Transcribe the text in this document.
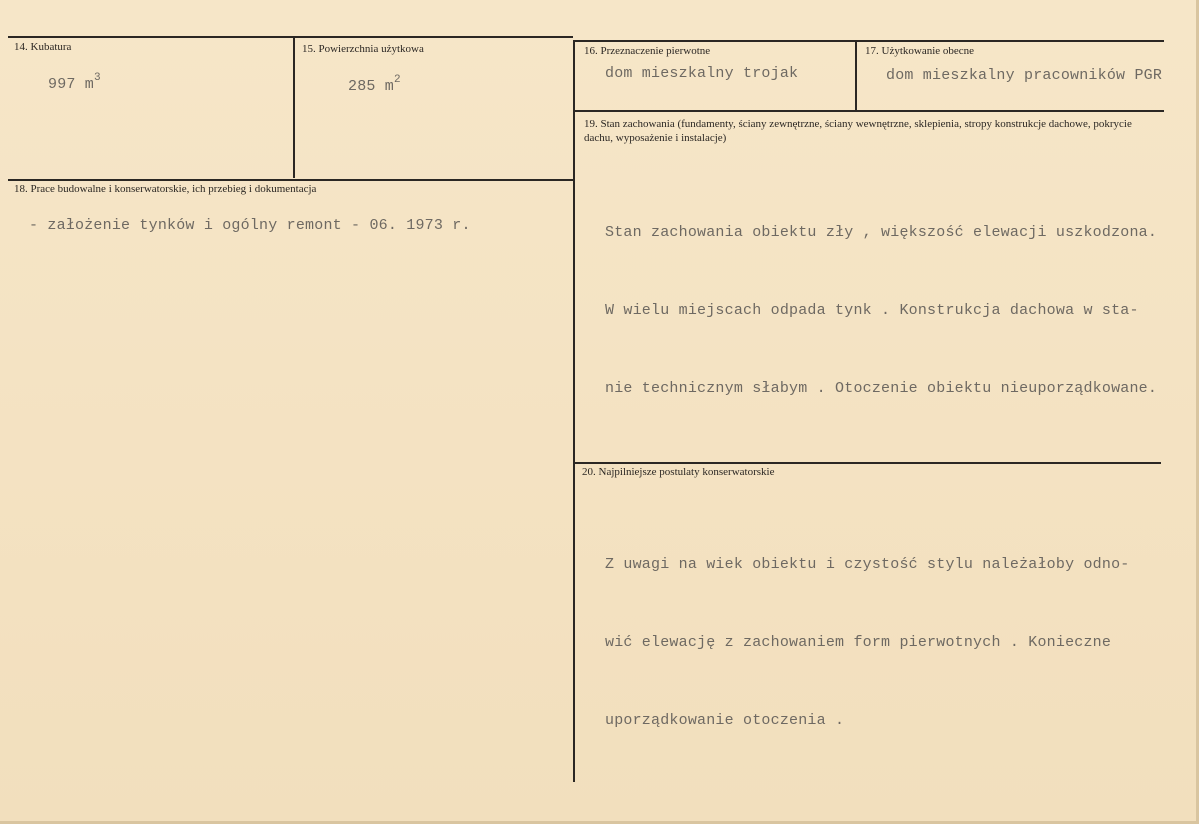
14. Kubatura
997 $m^3$
15. Powierzchnia użytkowa
285 $m^2$
16. Przeznaczenie pierwotne
dom mieszkalny trojak
17. Użytkowanie obecne
dom mieszkalny pracowników PGR
18. Prace budowalne i konserwatorskie, ich przebieg i dokumentacja
- założenie tynków i ogólny remont - 06. 1973 r.
19. Stan zachowania (fundamenty, ściany zewnętrzne, ściany wewnętrzne, sklepienia, stropy konstrukcje dachowe, pokrycie dachu, wyposażenie i instalacje)

Stan zachowania obiektu zły , większość elewacji uszkodzona.

W wielu miejscach odpada tynk . Konstrukcja dachowa w sta-

nie technicznym słabym . Otoczenie obiektu nieuporządkowane.

20. Najpilniejsze postulaty konserwatorskie

Z uwagi na wiek obiektu i czystość stylu należałoby odno-

wić elewację z zachowaniem form pierwotnych . Konieczne

uporządkowanie otoczenia .
